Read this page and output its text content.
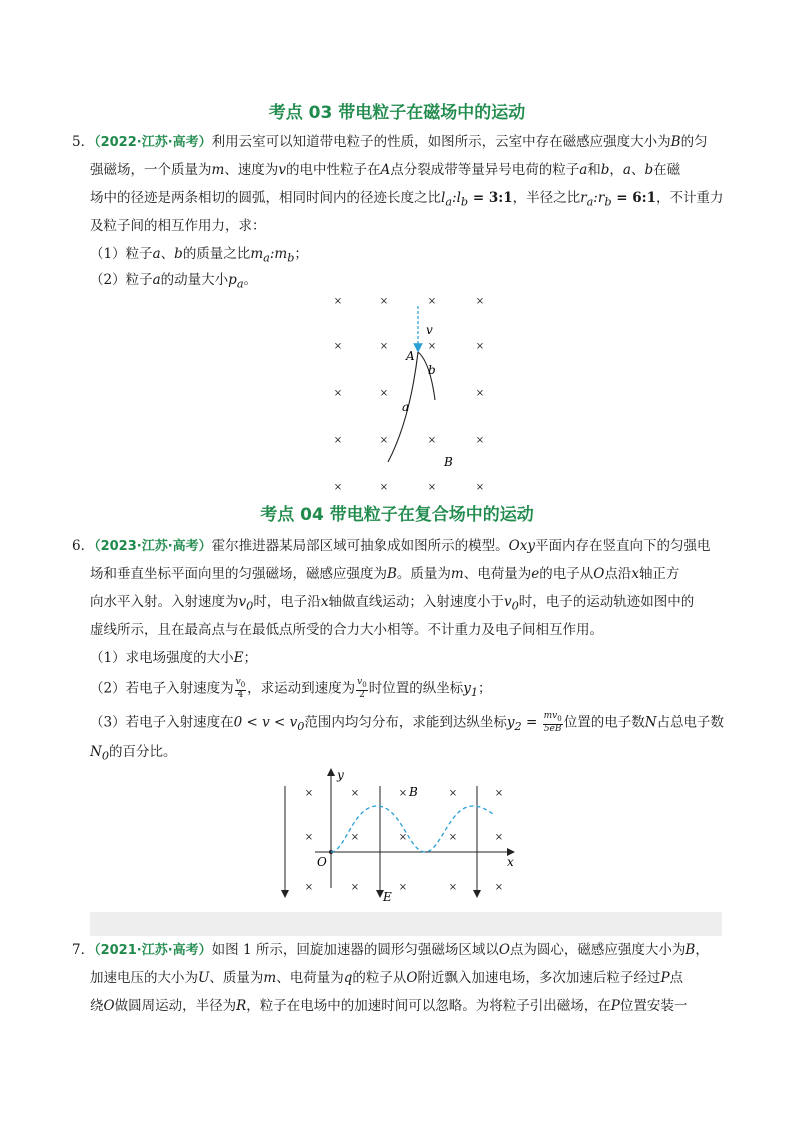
考点 03 带电粒子在磁场中的运动
5．（2022·江苏·高考）利用云室可以知道带电粒子的性质，如图所示，云室中存在磁感应强度大小为B的匀
强磁场，一个质量为m、速度为v的电中性粒子在A点分裂成带等量异号电荷的粒子a和b，a、b在磁
场中的径迹是两条相切的圆弧，相同时间内的径迹长度之比$l_a:l_b$ = 3:1，半径之比$r_a:r_b$ = 6:1，不计重力
及粒子间的相互作用力，求：
（1）粒子a、b的质量之比$m_a:m_b$；
（2）粒子a的动量大小$p_a$。
×	×	×	×
×	×	×	×
×	×	×
×	×	×	×
×	×	×	×
v
A
b
a
B
考点 04 带电粒子在复合场中的运动
6．（2023·江苏·高考）霍尔推进器某局部区域可抽象成如图所示的模型。Oxy平面内存在竖直向下的匀强电
场和垂直坐标平面向里的匀强磁场，磁感应强度为B。质量为m、电荷量为e的电子从O点沿x轴正方
向水平入射。入射速度为$v_0$时，电子沿x轴做直线运动；入射速度小于$v_0$时，电子的运动轨迹如图中的
虚线所示，且在最高点与在最低点所受的合力大小相等。不计重力及电子间相互作用。
（1）求电场强度的大小E；
（2）若电子入射速度为 $\frac{v_0}{4}$ ，求运动到速度为 $\frac{v_0}{2}$ 时位置的纵坐标$y_1$；
（3）若电子入射速度在$0 < v < v_0$范围内均匀分布，求能到达纵坐标$y_2 = \frac{mv_0}{5eB}$ 位置的电子数N占总电子数
$N_0$的百分比。
y
x
O
E
B
×	×	×	×	×
×	×	×	×	×
×	×	×	×	×
7．（2021·江苏·高考）如图 1 所示，回旋加速器的圆形匀强磁场区域以O点为圆心，磁感应强度大小为B，
加速电压的大小为U、质量为m、电荷量为q的粒子从O附近飘入加速电场，多次加速后粒子经过P点
绕O做圆周运动，半径为R，粒子在电场中的加速时间可以忽略。为将粒子引出磁场，在P位置安装一
